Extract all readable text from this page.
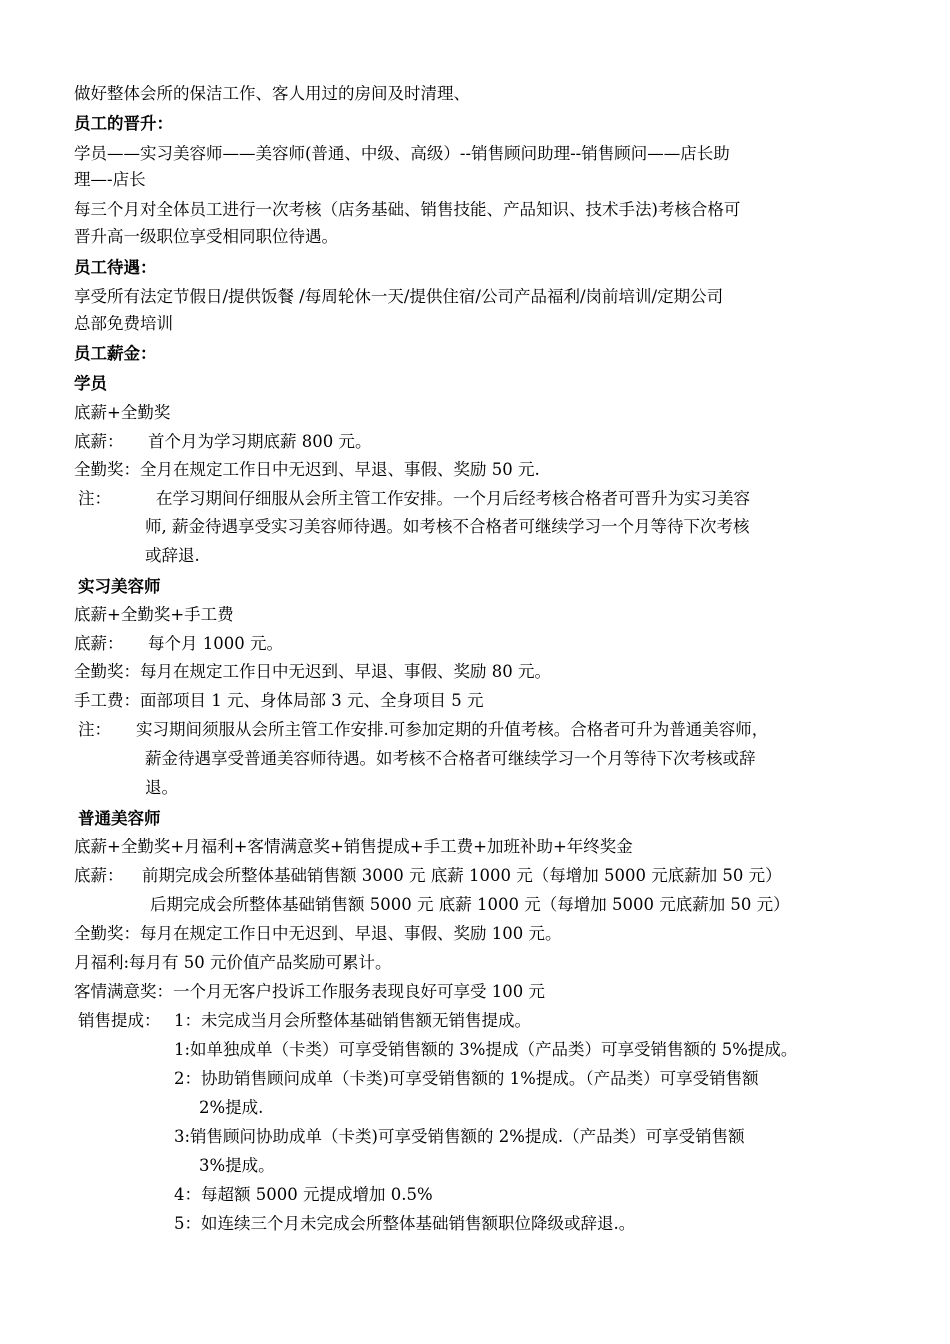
做好整体会所的保洁工作、客人用过的房间及时清理、
员工的晋升：
学员——实习美容师——美容师(普通、中级、高级）--销售顾问助理--销售顾问——店长助
理—-店长
每三个月对全体员工进行一次考核（店务基础、销售技能、产品知识、技术手法)考核合格可
晋升高一级职位享受相同职位待遇。
员工待遇：
享受所有法定节假日/提供饭餐 /每周轮休一天/提供住宿/公司产品福利/岗前培训/定期公司
总部免费培训
员工薪金：
学员
底薪+全勤奖
底薪： 首个月为学习期底薪 800 元。
全勤奖：全月在规定工作日中无迟到、早退、事假、奖励 50 元.
注：	在学习期间仔细服从会所主管工作安排。一个月后经考核合格者可晋升为实习美容
师, 薪金待遇享受实习美容师待遇。如考核不合格者可继续学习一个月等待下次考核
或辞退.
实习美容师
底薪+全勤奖+手工费
底薪： 每个月 1000 元。
全勤奖：每月在规定工作日中无迟到、早退、事假、奖励 80 元。
手工费：面部项目 1 元、身体局部 3 元、全身项目 5 元
注： 实习期间须服从会所主管工作安排.可参加定期的升值考核。合格者可升为普通美容师，
薪金待遇享受普通美容师待遇。如考核不合格者可继续学习一个月等待下次考核或辞
退。
普通美容师
底薪+全勤奖+月福利+客情满意奖+销售提成+手工费+加班补助+年终奖金
底薪： 前期完成会所整体基础销售额 3000 元 底薪 1000 元（每增加 5000 元底薪加 50 元）
后期完成会所整体基础销售额 5000 元 底薪 1000 元（每增加 5000 元底薪加 50 元）
全勤奖：每月在规定工作日中无迟到、早退、事假、奖励 100 元。
月福利:每月有 50 元价值产品奖励可累计。
客情满意奖：一个月无客户投诉工作服务表现良好可享受 100 元
销售提成： 1：未完成当月会所整体基础销售额无销售提成。
1:如单独成单（卡类）可享受销售额的 3%提成（产品类）可享受销售额的 5%提成。
2：协助销售顾问成单（卡类)可享受销售额的 1%提成。（产品类）可享受销售额
2%提成.
3:销售顾问协助成单（卡类)可享受销售额的 2%提成.（产品类）可享受销售额
3%提成。
4：每超额 5000 元提成增加 0.5%
5：如连续三个月未完成会所整体基础销售额职位降级或辞退.。
